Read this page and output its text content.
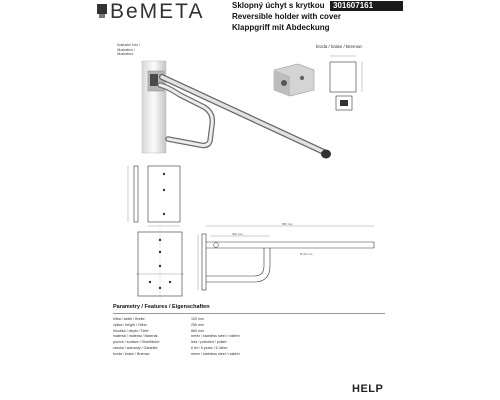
BeMETA	Sklopný úchyt s krytkou
Reversible holder with cover
Klappgriff mit Abdeckung
301607161
Ilustrační foto /
Illustration /
Illustration:
brzda / brake / Bremse:
860 mm
300 mm
Ø 32 mm
Parametry / Features / Eigenschaften
šířka / width / Breite:
výška / height / Höhe:
hloubka / depth / Tiefe:
materiál / material / Material:
povrch / surface / Oberfläche:
záruka / warranty / Garantie:
brzda / brake / Bremse:
100 mm
250 mm
860 mm
nerez / stainless steel / rostfrei
lesk / polished / poliert
6 let / 6 years / 6 Jahre
nerez / stainless steel / rostfrei
HELP
